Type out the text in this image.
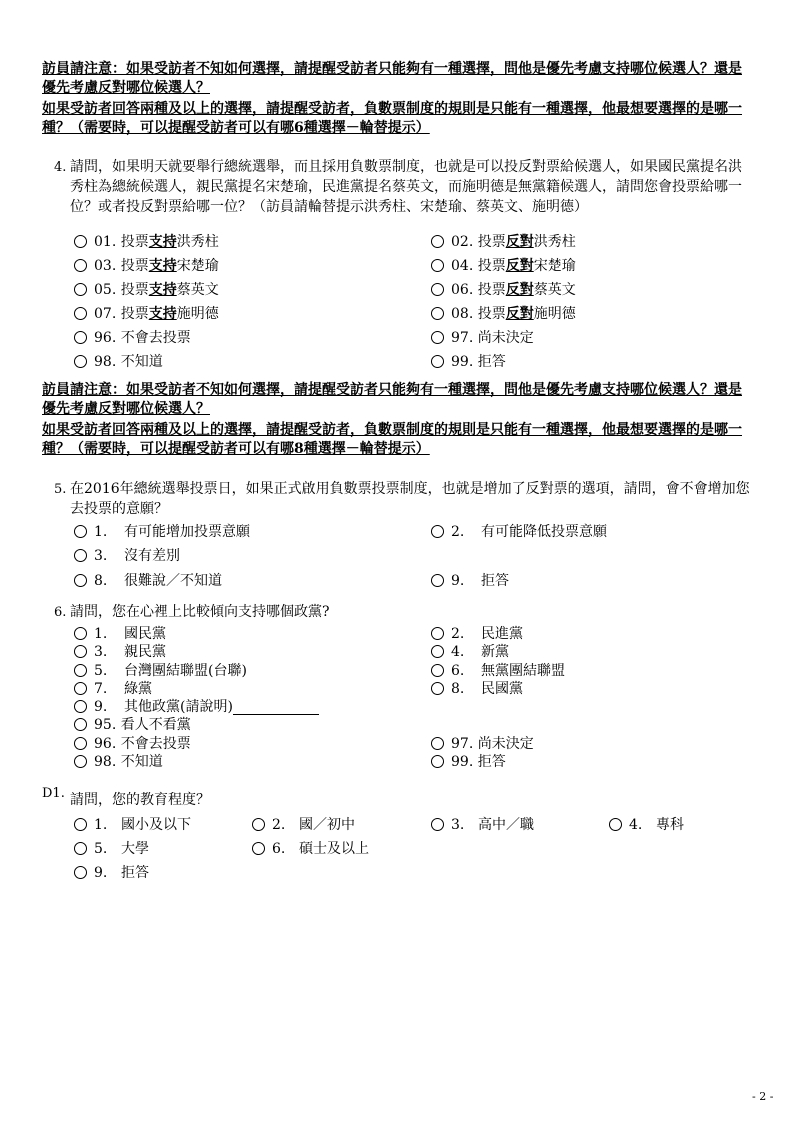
訪員請注意：如果受訪者不知如何選擇，請提醒受訪者只能夠有一種選擇，問他是優先考慮支持哪位候選人？還是優先考慮反對哪位候選人？
如果受訪者回答兩種及以上的選擇，請提醒受訪者，負數票制度的規則是只能有一種選擇，他最想要選擇的是哪一種？（需要時，可以提醒受訪者可以有哪6種選擇－輪替提示）
4. 請問，如果明天就要舉行總統選舉，而且採用負數票制度，也就是可以投反對票給候選人，如果國民黨提名洪秀柱為總統候選人，親民黨提名宋楚瑜，民進黨提名蔡英文，而施明德是無黨籍候選人，請問您會投票給哪一位？或者投反對票給哪一位？（訪員請輪替提示洪秀柱、宋楚瑜、蔡英文、施明德）
01. 投票支持洪秀柱	02. 投票反對洪秀柱
03. 投票支持宋楚瑜	04. 投票反對宋楚瑜
05. 投票支持蔡英文	06. 投票反對蔡英文
07. 投票支持施明德	08. 投票反對施明德
96. 不會去投票	97. 尚未決定
98. 不知道	99. 拒答
訪員請注意：如果受訪者不知如何選擇，請提醒受訪者只能夠有一種選擇，問他是優先考慮支持哪位候選人？還是優先考慮反對哪位候選人？
如果受訪者回答兩種及以上的選擇，請提醒受訪者，負數票制度的規則是只能有一種選擇，他最想要選擇的是哪一種？（需要時，可以提醒受訪者可以有哪8種選擇－輪替提示）
5. 在2016年總統選舉投票日，如果正式啟用負數票投票制度，也就是增加了反對票的選項，請問，會不會增加您去投票的意願？
1. 有可能增加投票意願	2. 有可能降低投票意願
3. 沒有差別
8. 很難說／不知道	9. 拒答
6. 請問，您在心裡上比較傾向支持哪個政黨?
1. 國民黨	2. 民進黨
3. 親民黨	4. 新黨
5. 台灣團結聯盟(台聯)	6. 無黨團結聯盟
7. 綠黨	8. 民國黨
9. 其他政黨(請說明)
95. 看人不看黨
96. 不會去投票	97. 尚未決定
98. 不知道	99. 拒答
D1. 請問，您的教育程度？
1. 國小及以下	2. 國／初中	3. 高中／職	4. 專科
5. 大學	6. 碩士及以上
9. 拒答
- 2 -
